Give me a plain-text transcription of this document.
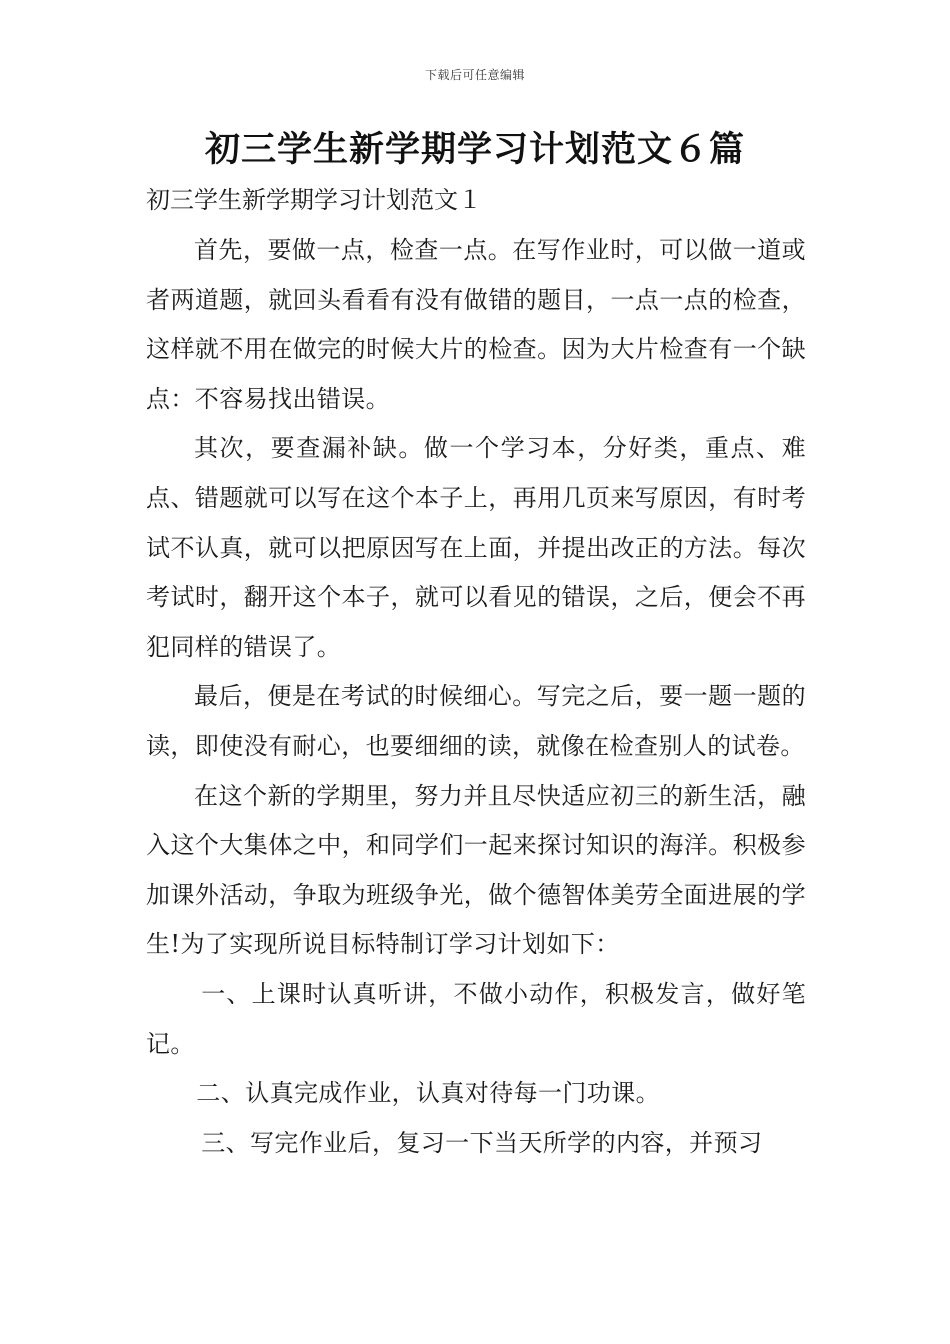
下载后可任意编辑
初三学生新学期学习计划范文６篇
初三学生新学期学习计划范文１

首先，要做一点，检查一点。在写作业时，可以做一道或者两道题，就回头看看有没有做错的题目，一点一点的检查，这样就不用在做完的时候大片的检查。因为大片检查有一个缺点：不容易找出错误。

其次，要查漏补缺。做一个学习本，分好类，重点、难点、错题就可以写在这个本子上，再用几页来写原因，有时考试不认真，就可以把原因写在上面，并提出改正的方法。每次考试时，翻开这个本子，就可以看见的错误，之后，便会不再犯同样的错误了。

最后，便是在考试的时候细心。写完之后，要一题一题的读，即使没有耐心，也要细细的读，就像在检查别人的试卷。

在这个新的学期里，努力并且尽快适应初三的新生活，融入这个大集体之中，和同学们一起来探讨知识的海洋。积极参加课外活动，争取为班级争光，做个德智体美劳全面进展的学生!为了实现所说目标特制订学习计划如下：

一、上课时认真听讲，不做小动作，积极发言，做好笔记。

二、认真完成作业，认真对待每一门功课。

三、写完作业后，复习一下当天所学的内容，并预习
